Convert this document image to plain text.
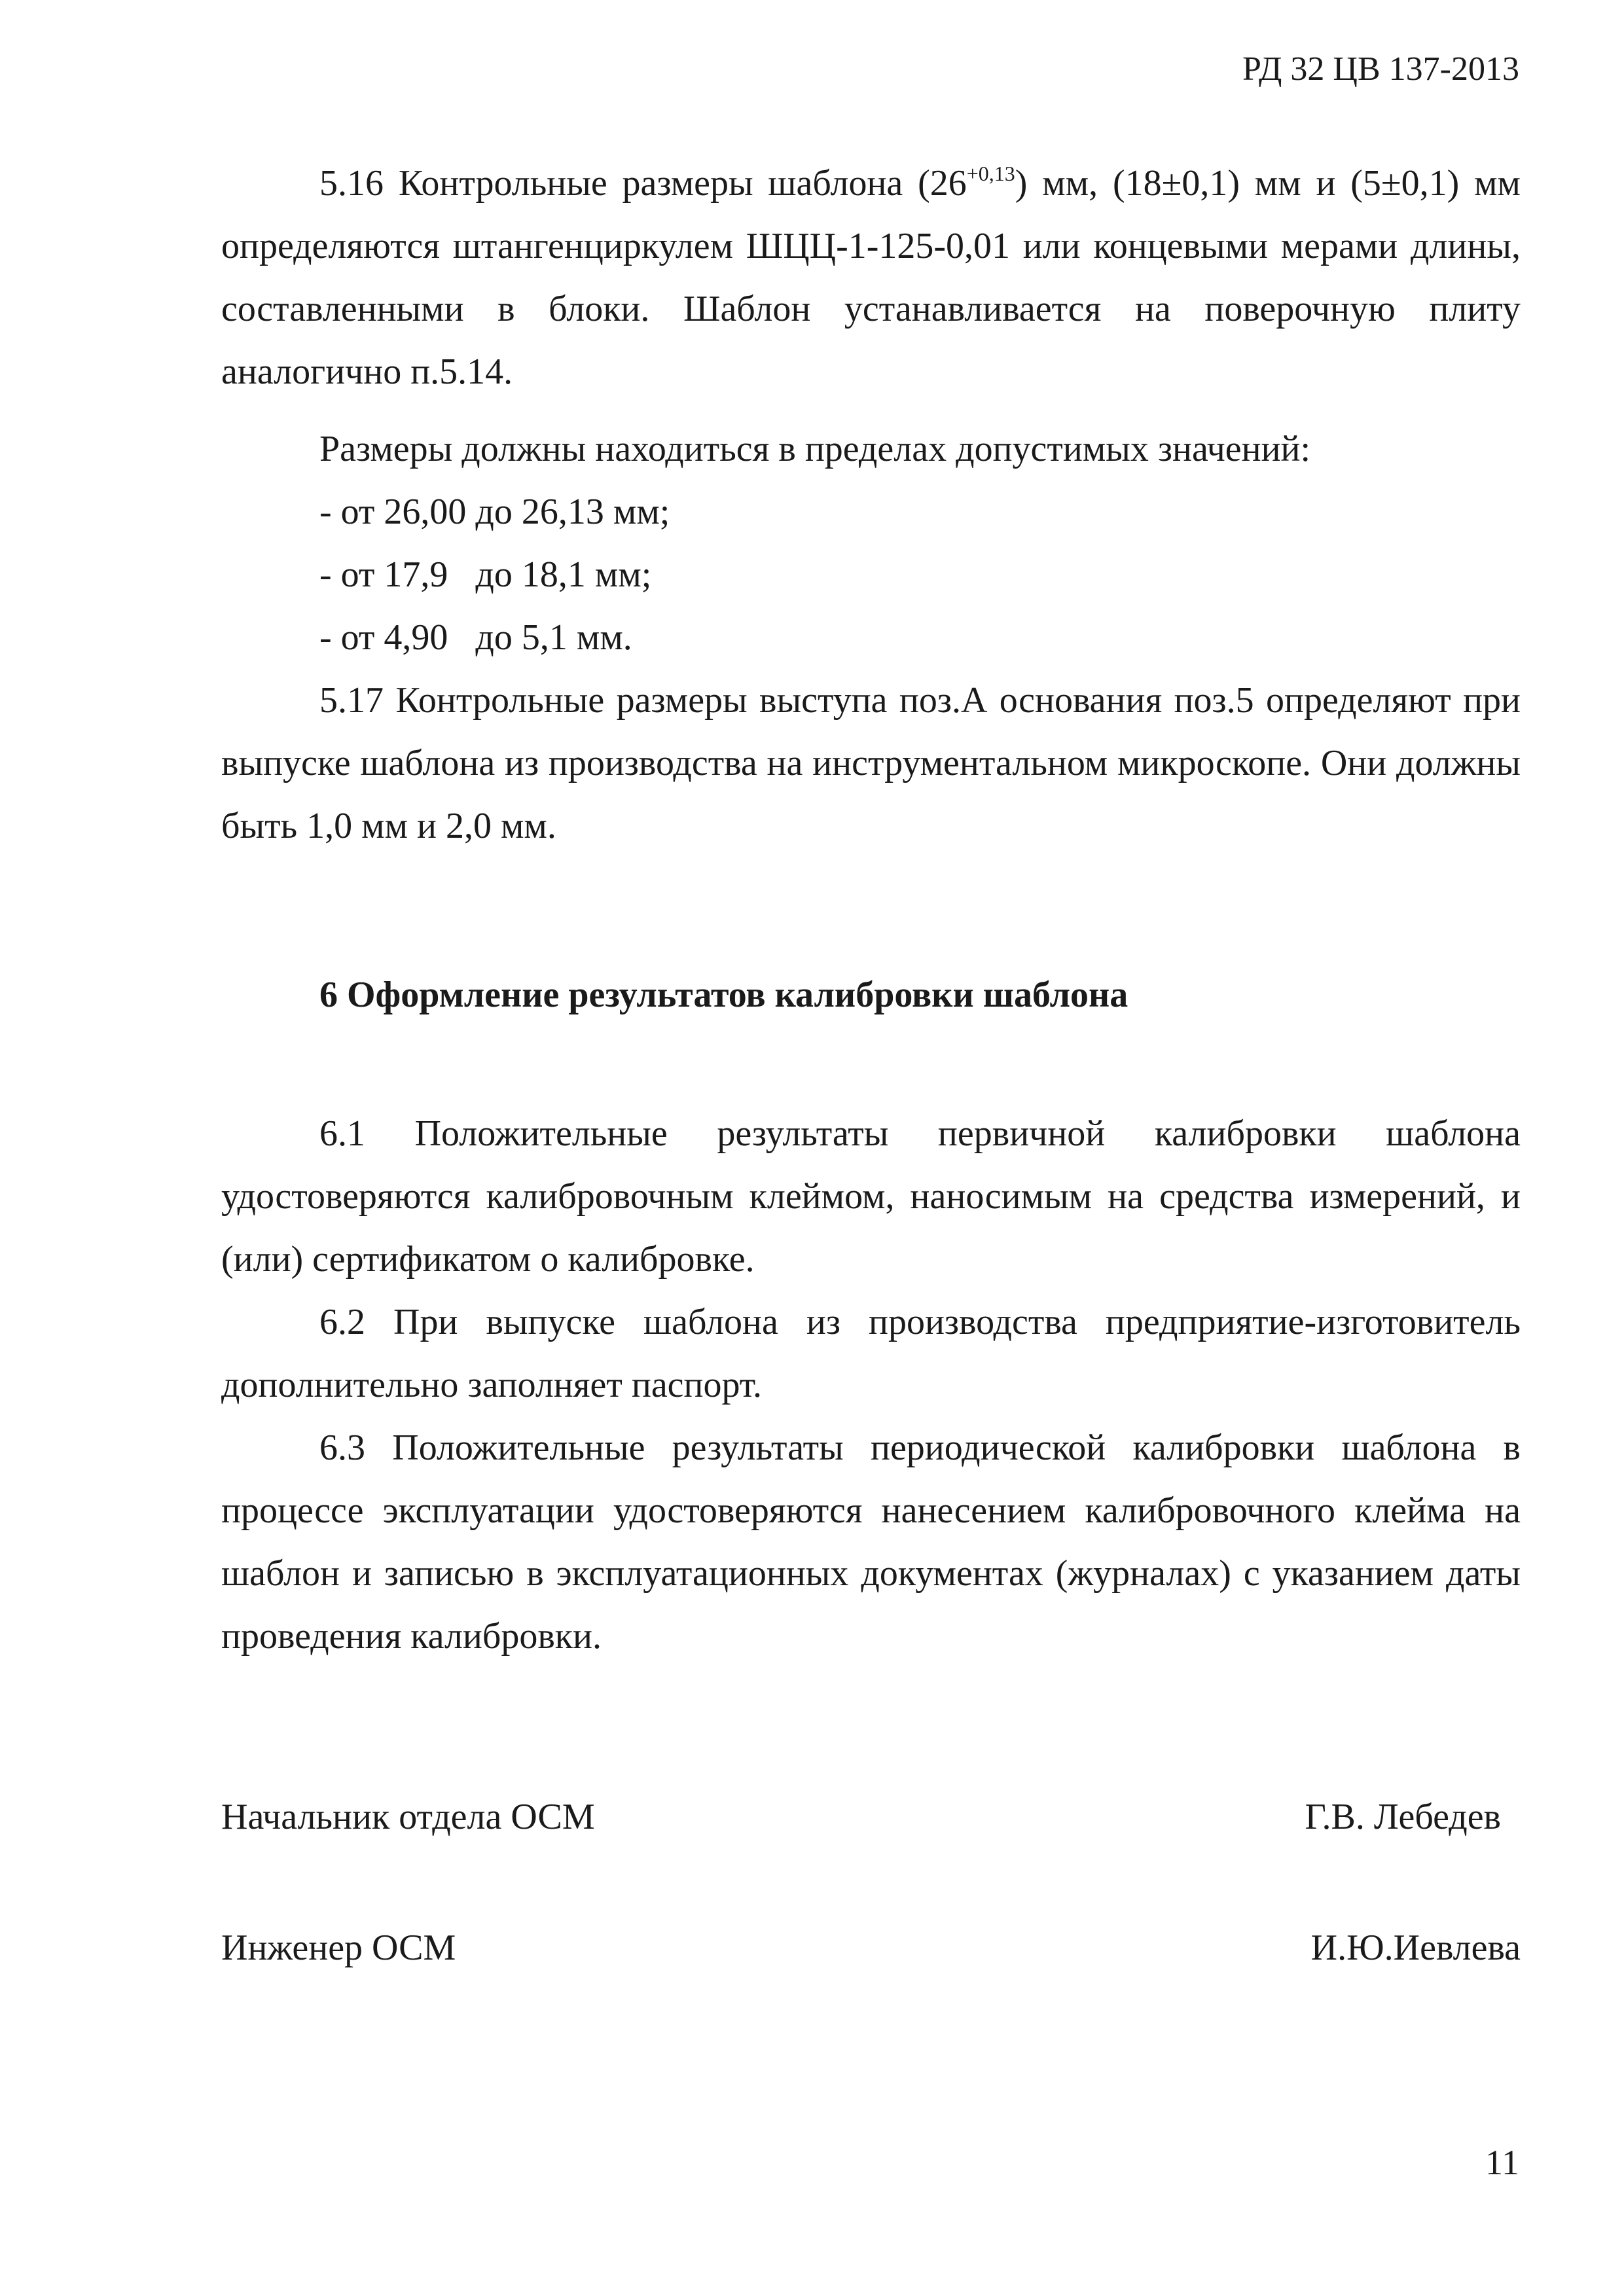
РД 32 ЦВ 137-2013

5.16 Контрольные размеры шаблона $(26^{+0,13})$ мм, (18±0,1) мм и (5±0,1) мм определяются штангенциркулем ШЦЦ-1-125-0,01 или концевыми мерами длины, составленными в блоки. Шаблон устанавливается на поверочную плиту аналогично п.5.14.

Размеры должны находиться в пределах допустимых значений:

- от 26,00 до 26,13 мм;

- от 17,9   до 18,1 мм;

- от 4,90   до 5,1 мм.

5.17 Контрольные размеры выступа поз.А основания поз.5 определяют при выпуске шаблона из производства на инструментальном микроскопе. Они должны быть 1,0 мм и 2,0 мм.

6 Оформление результатов калибровки шаблона

6.1 Положительные результаты первичной калибровки шаблона удостоверяются калибровочным клеймом, наносимым на средства измерений, и (или) сертификатом о калибровке.

6.2 При выпуске шаблона из производства предприятие-изготовитель дополнительно заполняет паспорт.

6.3 Положительные результаты периодической калибровки шаблона в процессе эксплуатации удостоверяются нанесением калибровочного клейма на шаблон и записью в эксплуатационных документах (журналах) с указанием даты проведения калибровки.

Начальник отдела ОСМ	Г.В. Лебедев
Инженер ОСМ	И.Ю.Иевлева
11
